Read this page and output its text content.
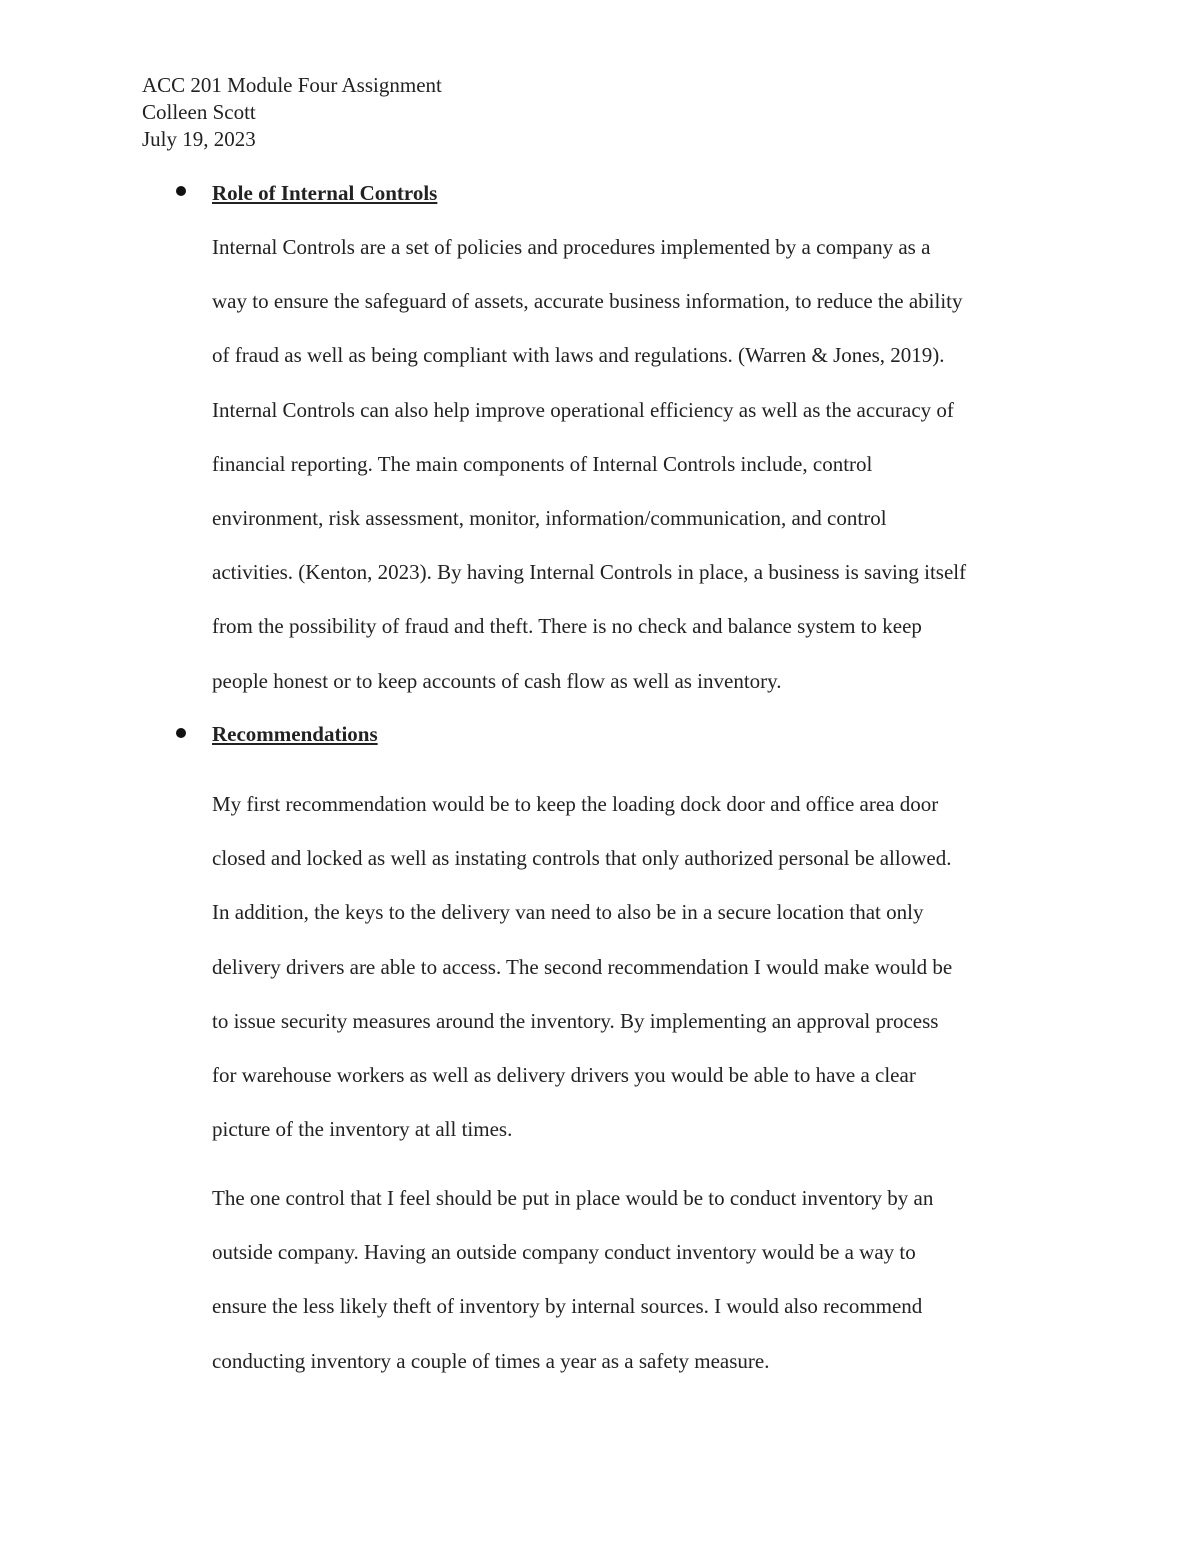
ACC 201 Module Four Assignment
Colleen Scott
July 19, 2023
Role of Internal Controls
Internal Controls are a set of policies and procedures implemented by a company as a
way to ensure the safeguard of assets, accurate business information, to reduce the ability
of fraud as well as being compliant with laws and regulations. (Warren & Jones, 2019).
Internal Controls can also help improve operational efficiency as well as the accuracy of
financial reporting. The main components of Internal Controls include, control
environment, risk assessment, monitor, information/communication, and control
activities. (Kenton, 2023). By having Internal Controls in place, a business is saving itself
from the possibility of fraud and theft. There is no check and balance system to keep
people honest or to keep accounts of cash flow as well as inventory.
Recommendations
My first recommendation would be to keep the loading dock door and office area door
closed and locked as well as instating controls that only authorized personal be allowed.
In addition, the keys to the delivery van need to also be in a secure location that only
delivery drivers are able to access. The second recommendation I would make would be
to issue security measures around the inventory. By implementing an approval process
for warehouse workers as well as delivery drivers you would be able to have a clear
picture of the inventory at all times.
The one control that I feel should be put in place would be to conduct inventory by an
outside company. Having an outside company conduct inventory would be a way to
ensure the less likely theft of inventory by internal sources. I would also recommend
conducting inventory a couple of times a year as a safety measure.
